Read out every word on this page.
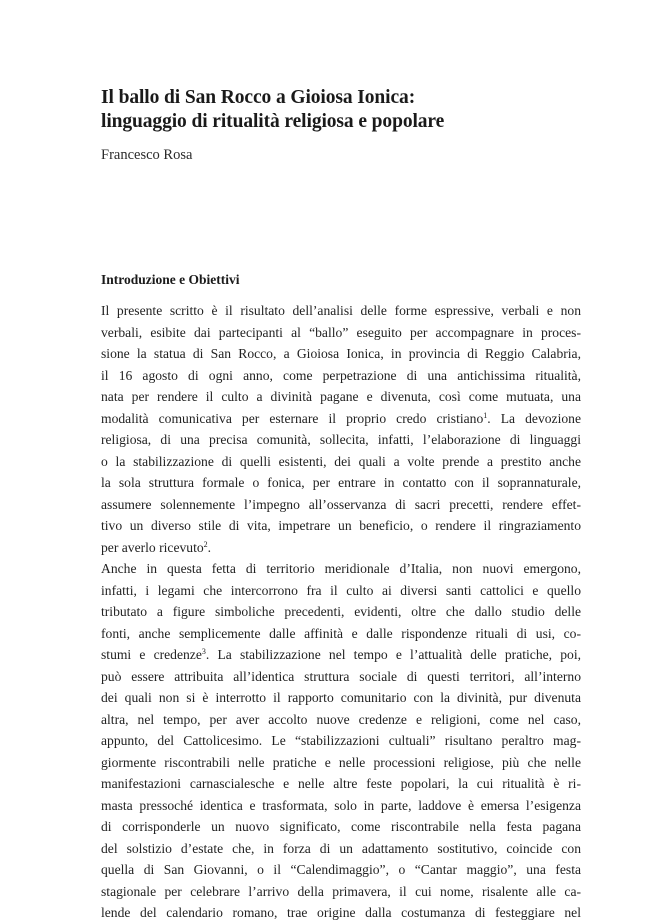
Il ballo di San Rocco a Gioiosa Ionica:
linguaggio di ritualità religiosa e popolare
Francesco Rosa
Introduzione e Obiettivi
Il presente scritto è il risultato dell’analisi delle forme espressive, verbali e non
verbali, esibite dai partecipanti al “ballo” eseguito per accompagnare in proces-
sione la statua di San Rocco, a Gioiosa Ionica, in provincia di Reggio Calabria,
il 16 agosto di ogni anno, come perpetrazione di una antichissima ritualità,
nata per rendere il culto a divinità pagane e divenuta, così come mutuata, una
modalità comunicativa per esternare il proprio credo cristiano$^1$. La devozione
religiosa, di una precisa comunità, sollecita, infatti, l’elaborazione di linguaggi
o la stabilizzazione di quelli esistenti, dei quali a volte prende a prestito anche
la sola struttura formale o fonica, per entrare in contatto con il soprannaturale,
assumere solennemente l’impegno all’osservanza di sacri precetti, rendere effet-
tivo un diverso stile di vita, impetrare un beneficio, o rendere il ringraziamento
per averlo ricevuto$^2$.
Anche in questa fetta di territorio meridionale d’Italia, non nuovi emergono,
infatti, i legami che intercorrono fra il culto ai diversi santi cattolici e quello
tributato a figure simboliche precedenti, evidenti, oltre che dallo studio delle
fonti, anche semplicemente dalle affinità e dalle rispondenze rituali di usi, co-
stumi e credenze$^3$. La stabilizzazione nel tempo e l’attualità delle pratiche, poi,
può essere attribuita all’identica struttura sociale di questi territori, all’interno
dei quali non si è interrotto il rapporto comunitario con la divinità, pur divenuta
altra, nel tempo, per aver accolto nuove credenze e religioni, come nel caso,
appunto, del Cattolicesimo. Le “stabilizzazioni cultuali” risultano peraltro mag-
giormente riscontrabili nelle pratiche e nelle processioni religiose, più che nelle
manifestazioni carnascialesche e nelle altre feste popolari, la cui ritualità è ri-
masta pressoché identica e trasformata, solo in parte, laddove è emersa l’esigenza
di corrisponderle un nuovo significato, come riscontrabile nella festa pagana
del solstizio d’estate che, in forza di un adattamento sostitutivo, coincide con
quella di San Giovanni, o il “Calendimaggio”, o “Cantar maggio”, una festa
stagionale per celebrare l’arrivo della primavera, il cui nome, risalente alle ca-
lende del calendario romano, trae origine dalla costumanza di festeggiare nel
